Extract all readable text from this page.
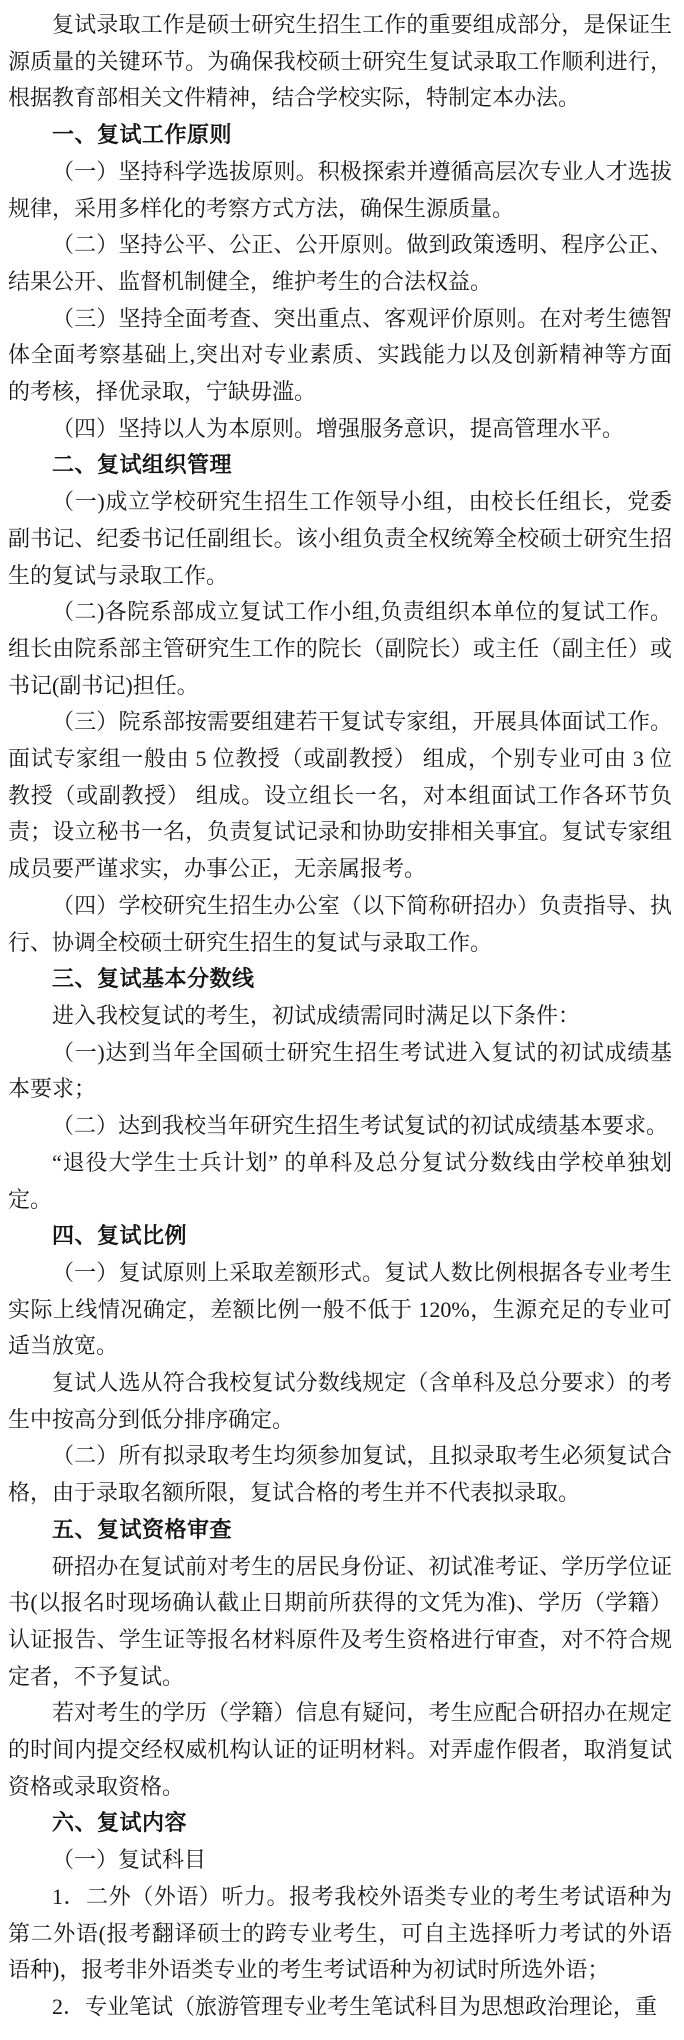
复试录取工作是硕士研究生招生工作的重要组成部分，是保证生源质量的关键环节。为确保我校硕士研究生复试录取工作顺利进行，根据教育部相关文件精神，结合学校实际，特制定本办法。

一、复试工作原则

（一）坚持科学选拔原则。积极探索并遵循高层次专业人才选拔规律，采用多样化的考察方式方法，确保生源质量。

（二）坚持公平、公正、公开原则。做到政策透明、程序公正、结果公开、监督机制健全，维护考生的合法权益。

（三）坚持全面考查、突出重点、客观评价原则。在对考生德智体全面考察基础上,突出对专业素质、实践能力以及创新精神等方面的考核，择优录取，宁缺毋滥。

（四）坚持以人为本原则。增强服务意识，提高管理水平。

二、复试组织管理

（一)成立学校研究生招生工作领导小组，由校长任组长，党委副书记、纪委书记任副组长。该小组负责全权统筹全校硕士研究生招生的复试与录取工作。

（二)各院系部成立复试工作小组,负责组织本单位的复试工作。组长由院系部主管研究生工作的院长（副院长）或主任（副主任）或书记(副书记)担任。

（三）院系部按需要组建若干复试专家组，开展具体面试工作。面试专家组一般由 5 位教授（或副教授） 组成，个别专业可由 3 位教授（或副教授） 组成。设立组长一名，对本组面试工作各环节负责；设立秘书一名，负责复试记录和协助安排相关事宜。复试专家组成员要严谨求实，办事公正，无亲属报考。

（四）学校研究生招生办公室（以下简称研招办）负责指导、执行、协调全校硕士研究生招生的复试与录取工作。

三、复试基本分数线

进入我校复试的考生，初试成绩需同时满足以下条件：

（一)达到当年全国硕士研究生招生考试进入复试的初试成绩基本要求；

（二）达到我校当年研究生招生考试复试的初试成绩基本要求。

“退役大学生士兵计划” 的单科及总分复试分数线由学校单独划定。

四、复试比例

（一）复试原则上采取差额形式。复试人数比例根据各专业考生实际上线情况确定，差额比例一般不低于 120%，生源充足的专业可适当放宽。

复试人选从符合我校复试分数线规定（含单科及总分要求）的考生中按高分到低分排序确定。

（二）所有拟录取考生均须参加复试，且拟录取考生必须复试合格，由于录取名额所限，复试合格的考生并不代表拟录取。

五、复试资格审查

研招办在复试前对考生的居民身份证、初试准考证、学历学位证书(以报名时现场确认截止日期前所获得的文凭为准)、学历（学籍）认证报告、学生证等报名材料原件及考生资格进行审查，对不符合规定者，不予复试。

若对考生的学历（学籍）信息有疑问，考生应配合研招办在规定的时间内提交经权威机构认证的证明材料。对弄虚作假者，取消复试资格或录取资格。

六、复试内容

（一）复试科目

1．二外（外语）听力。报考我校外语类专业的考生考试语种为第二外语(报考翻译硕士的跨专业考生，可自主选择听力考试的外语语种)，报考非外语类专业的考生考试语种为初试时所选外语；

2．专业笔试（旅游管理专业考生笔试科目为思想政治理论，重
